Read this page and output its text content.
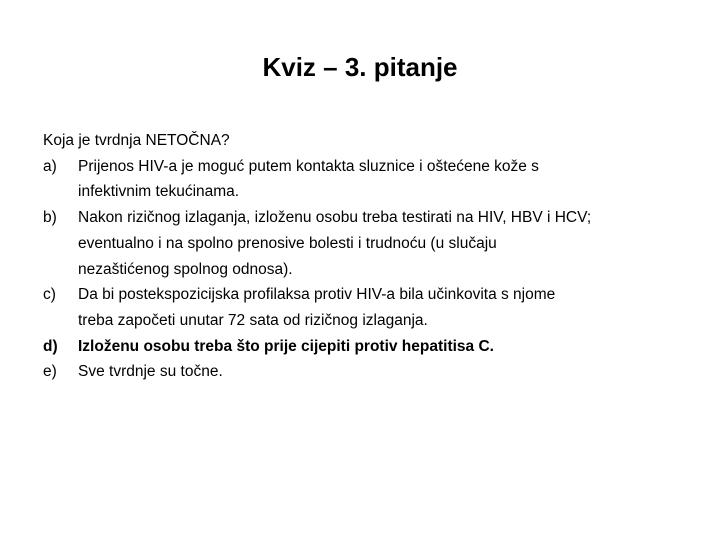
Kviz – 3. pitanje

Koja je tvrdnja NETOČNA?

a) Prijenos HIV-a je moguć putem kontakta sluznice i oštećene kože s
infektivnim tekućinama.
b) Nakon rizičnog izlaganja, izloženu osobu treba testirati na HIV, HBV i HCV;
eventualno i na spolno prenosive bolesti i trudnoću (u slučaju
nezaštićenog spolnog odnosa).
c) Da bi postekspozicijska profilaksa protiv HIV-a bila učinkovita s njome
treba započeti unutar 72 sata od rizičnog izlaganja.
d) Izloženu osobu treba što prije cijepiti protiv hepatitisa C.
e) Sve tvrdnje su točne.
